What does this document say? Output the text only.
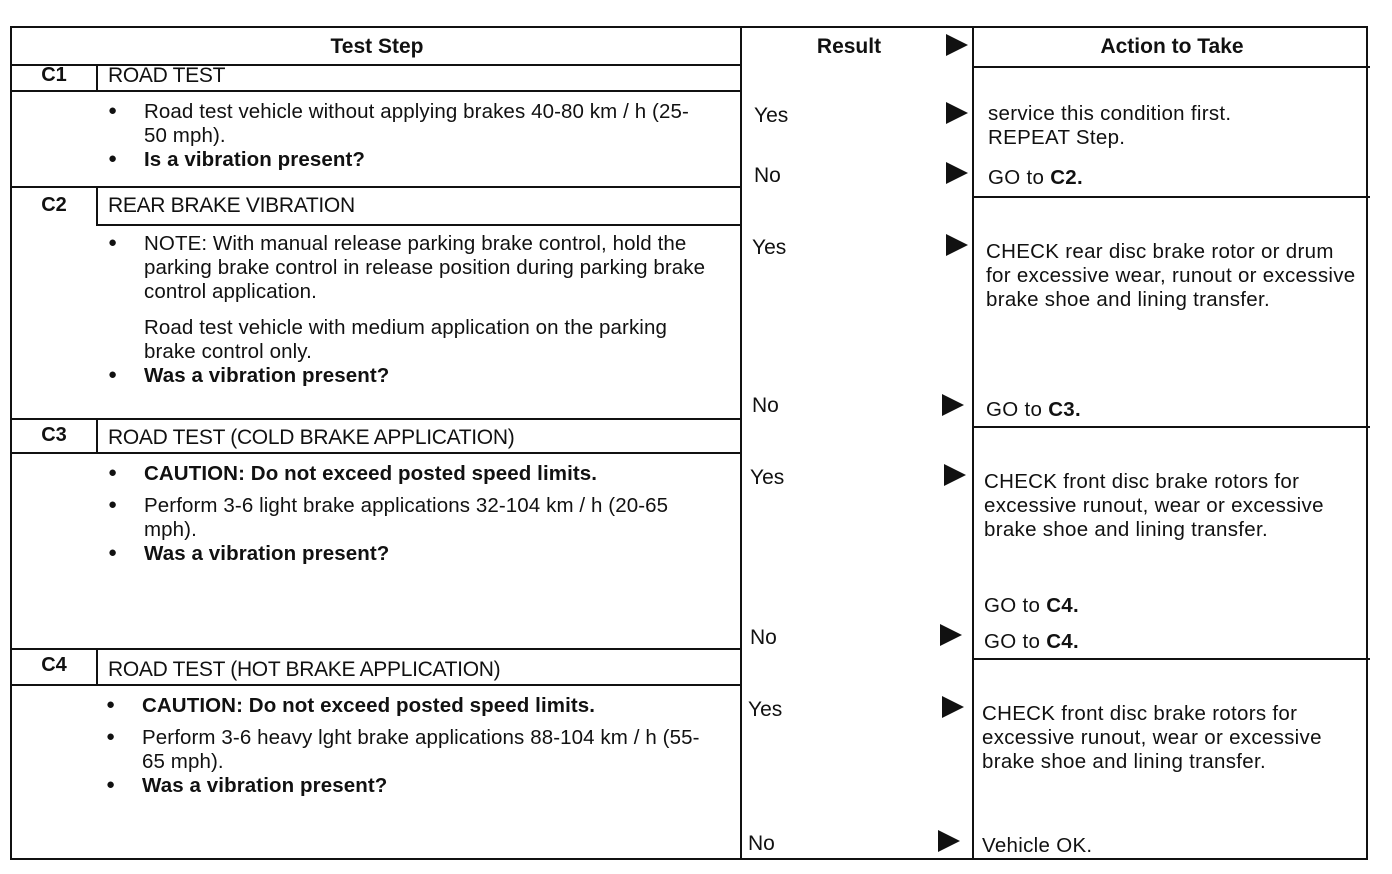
Test Step	Result	Action to Take
C1	ROAD TEST
● Road test vehicle without applying brakes 40-80 km / h (25-50 mph).
● Is a vibration present?
Yes	service this condition first. REPEAT Step.
No	GO to C2.
C2	REAR BRAKE VIBRATION
● NOTE: With manual release parking brake control, hold the parking brake control in release position during parking brake control application.
Road test vehicle with medium application on the parking brake control only.
● Was a vibration present?
Yes	CHECK rear disc brake rotor or drum for excessive wear, runout or excessive brake shoe and lining transfer.
No	GO to C3.
C3	ROAD TEST (COLD BRAKE APPLICATION)
● CAUTION: Do not exceed posted speed limits.
● Perform 3-6 light brake applications 32-104 km / h (20-65 mph).
● Was a vibration present?
Yes	CHECK front disc brake rotors for excessive runout, wear or excessive brake shoe and lining transfer.
GO to C4.
No	GO to C4.
C4	ROAD TEST (HOT BRAKE APPLICATION)
● CAUTION: Do not exceed posted speed limits.
● Perform 3-6 heavy lght brake applications 88-104 km / h (55-65 mph).
● Was a vibration present?
Yes	CHECK front disc brake rotors for excessive runout, wear or excessive brake shoe and lining transfer.
No	Vehicle OK.
